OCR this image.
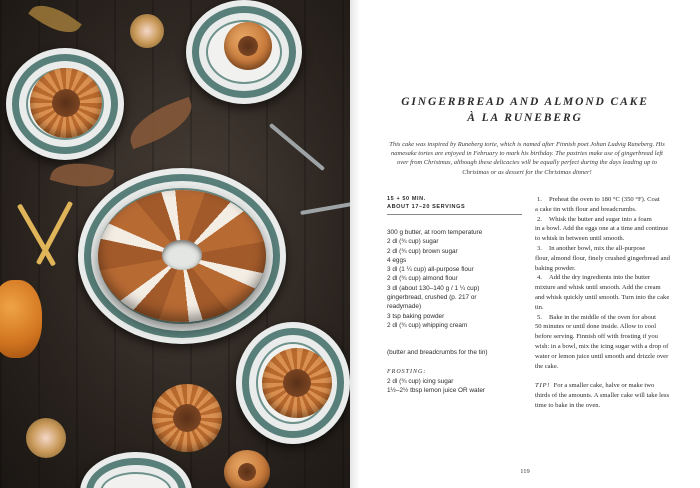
GINGERBREAD AND ALMOND CAKE
À LA RUNEBERG

This cake was inspired by Runeberg torte, which is named after Finnish poet Johan Ludvig Runeberg. His namesake tortes are enjoyed in February to mark his birthday. The pastries make use of gingerbread left over from Christmas, although these delicacies will be equally perfect during the days leading up to Christmas or as dessert for the Christmas dinner!

15 + 50 MIN.
ABOUT 17–20 SERVINGS
300 g butter, at room temperature
2 dl (¾ cup) sugar
2 dl (¾ cup) brown sugar
4 eggs
3 dl (1 ¼ cup) all-purpose flour
2 dl (¾ cup) almond flour
3 dl (about 130–140 g / 1 ¼ cup)
gingerbread, crushed (p. 217 or
readymade)
3 tsp baking powder
2 dl (¾ cup) whipping cream
(butter and breadcrumbs for the tin)
FROSTING:
2 dl (¾ cup) icing sugar
1½–2½ tbsp lemon juice OR water
1. Preheat the oven to 180 °C (350 °F). Coat
a cake tin with flour and breadcrumbs.
2. Whisk the butter and sugar into a foam
in a bowl. Add the eggs one at a time and continue to whisk in between until smooth.
3. In another bowl, mix the all-purpose
flour, almond flour, finely crushed gingerbread and baking powder.
4. Add the dry ingredients into the butter
mixture and whisk until smooth. Add the cream and whisk quickly until smooth. Turn into the cake tin.
5. Bake in the middle of the oven for about
50 minutes or until done inside. Allow to cool before serving. Finnish off with frosting if you wish: in a bowl, mix the icing sugar with a drop of water or lemon juice until smooth and drizzle over the cake.

TIP! For a smaller cake, halve or make two thirds of the amounts. A smaller cake will take less time to bake in the oven.

119
